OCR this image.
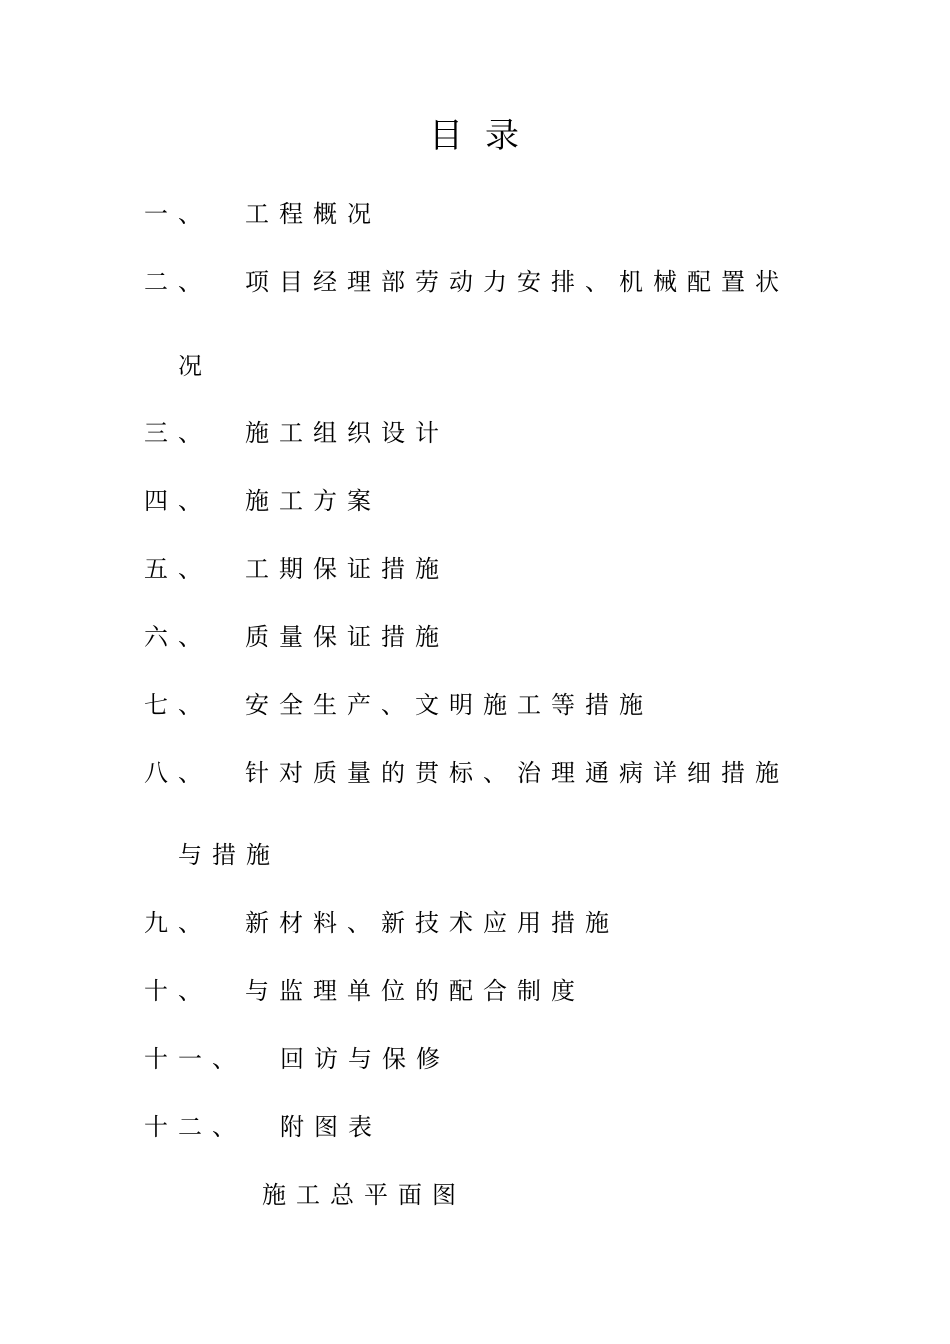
目录
一、 工程概况
二、 项目经理部劳动力安排、机械配置状
况
三、 施工组织设计
四、 施工方案
五、 工期保证措施
六、 质量保证措施
七、 安全生产、文明施工等措施
八、 针对质量的贯标、治理通病详细措施
与措施
九、 新材料、新技术应用措施
十、 与监理单位的配合制度
十一、 回访与保修
十二、 附图表
施工总平面图
